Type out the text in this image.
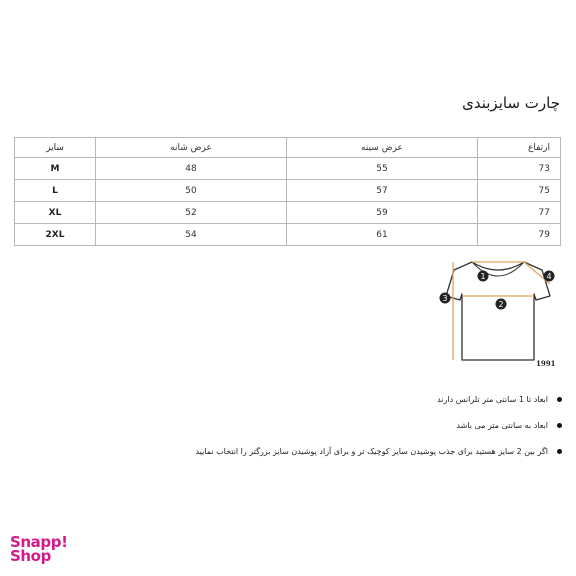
چارت سایزبندی
سایز	عرض شانه	عرض سینه	ارتفاع
M	48	55	73
L	50	57	75
XL	52	59	77
2XL	54	61	79
1
2
3
4
1991
ابعاد تا 1 سانتی متر تلرانس دارند
ابعاد به سانتی متر می باشد
اگر بین 2 سایز هستید برای جذب پوشیدن سایز کوچیک تر و برای آزاد پوشیدن سایز بزرگتر را انتخاب نمایید
Snapp!
Shop
